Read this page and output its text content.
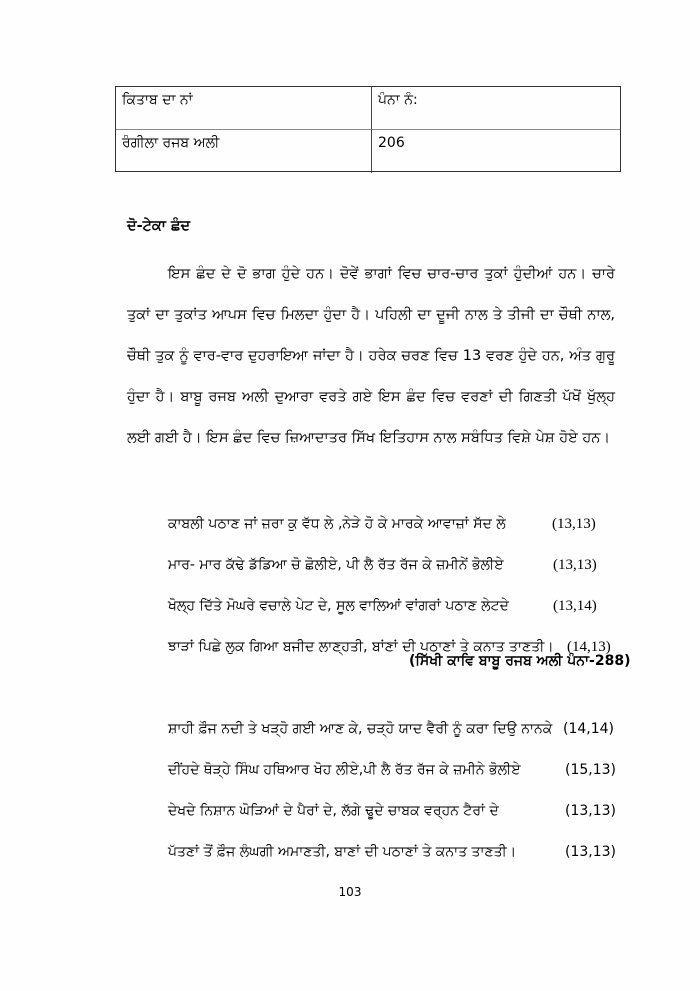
ਕਿਤਾਬ ਦਾ ਨਾਂ	ਪੰਨਾ ਨੰ:
ਰੰਗੀਲਾ ਰਜਬ ਅਲੀ	206
ਦੋ-ਟੇਕਾ ਛੰਦ
ਇਸ ਛੰਦ ਦੇ ਦੋ ਭਾਗ ਹੁੰਦੇ ਹਨ। ਦੋਵੇਂ ਭਾਗਾਂ ਵਿਚ ਚਾਰ-ਚਾਰ ਤੁਕਾਂ ਹੁੰਦੀਆਂ ਹਨ। ਚਾਰੇ ਤੁਕਾਂ ਦਾ ਤੁਕਾਂਤ ਆਪਸ ਵਿਚ ਮਿਲਦਾ ਹੁੰਦਾ ਹੈ। ਪਹਿਲੀ ਦਾ ਦੂਜੀ ਨਾਲ ਤੇ ਤੀਜੀ ਦਾ ਚੌਥੀ ਨਾਲ, ਚੌਥੀ ਤੁਕ ਨੂੰ ਵਾਰ-ਵਾਰ ਦੁਹਰਾਇਆ ਜਾਂਦਾ ਹੈ। ਹਰੇਕ ਚਰਣ ਵਿਚ 13 ਵਰਣ ਹੁੰਦੇ ਹਨ, ਅੰਤ ਗੁਰੂ ਹੁੰਦਾ ਹੈ। ਬਾਬੂ ਰਜਬ ਅਲੀ ਦੁਆਰਾ ਵਰਤੇ ਗਏ ਇਸ ਛੰਦ ਵਿਚ ਵਰਣਾਂ ਦੀ ਗਿਣਤੀ ਪੱਖੋਂ ਖੁੱਲ੍ਹ ਲਈ ਗਈ ਹੈ। ਇਸ ਛੰਦ ਵਿਚ ਜ਼ਿਆਦਾਤਰ ਸਿੱਖ ਇਤਿਹਾਸ ਨਾਲ ਸਬੰਧਿਤ ਵਿਸ਼ੇ ਪੇਸ਼ ਹੋਏ ਹਨ।
ਕਾਬਲੀ ਪਠਾਣ ਜਾਂ ਜ਼ਰਾ ਕੁ ਵੱਧ ਲੇ ,ਨੇੜੇ ਹੋ ਕੇ ਮਾਰਕੇ ਆਵਾਜ਼ਾਂ ਸੱਦ ਲੇ	(13,13)
ਮਾਰ- ਮਾਰ ਕੱਢੇ ਡੱਡਿਆ ਚੋ ਛੋਲੀਏ, ਪੀ ਲੈ ਰੱਤ ਰੱਜ ਕੇ ਜ਼ਮੀਨੇਂ ਭੋਲੀਏ	(13,13)
ਖੋਲ੍ਹ ਦਿੱਤੇ ਮੋਘਰੇ ਵਚਾਲੇ ਪੇਟ ਦੇ, ਸੂਲ ਵਾਲਿਆਂ ਵਾਂਗਰਾਂ ਪਠਾਣ ਲੇਟਦੇ	(13,14)
ਝਾੜਾਂ ਪਿਛੇ ਲੁਕ ਗਿਆ ਬਜੀਦ ਲਾਣ੍ਹਤੀ, ਬਾਂਣਾਂ ਦੀ ਪਠਾਣਾਂ ਤੇ ਕਨਾਤ ਤਾਣਤੀ। (14,13)
(ਸਿੱਖੀ ਕਾਵਿ ਬਾਬੂ ਰਜਬ ਅਲੀ ਪੰਨਾ-288)
ਸ਼ਾਹੀ ਫ਼ੌਜ ਨਦੀ ਤੇ ਖੜ੍ਹੋ ਗਈ ਆਣ ਕੇ, ਚੜ੍ਹੋ ਯਾਦ ਵੈਰੀ ਨੂੰ ਕਰਾ ਦਿਉ ਨਾਨਕੇ (14,14)
ਦੀਂਹਦੇ ਥੋੜ੍ਹੇ ਸਿੰਘ ਹਥਿਆਰ ਖੋਹ ਲੀਏ,ਪੀ ਲੈ ਰੱਤ ਰੱਜ ਕੇ ਜ਼ਮੀਨੇ ਭੋਲੀਏ	(15,13)
ਦੇਖਦੇ ਨਿਸ਼ਾਨ ਘੋੜਿਆਂ ਦੇ ਪੈਰਾਂ ਦੇ, ਲੱਗੇ ਢੂਦੇ ਚਾਬਕ ਵਰ੍ਹਨ ਟੈਰਾਂ ਦੇ	(13,13)
ਪੱਤਣਾਂ ਤੋਂ ਫ਼ੌਜ ਲੰਘਗੀ ਅਮਾਣਤੀ, ਬਾਣਾਂ ਦੀ ਪਠਾਣਾਂ ਤੇ ਕਨਾਤ ਤਾਣਤੀ।	(13,13)
103
